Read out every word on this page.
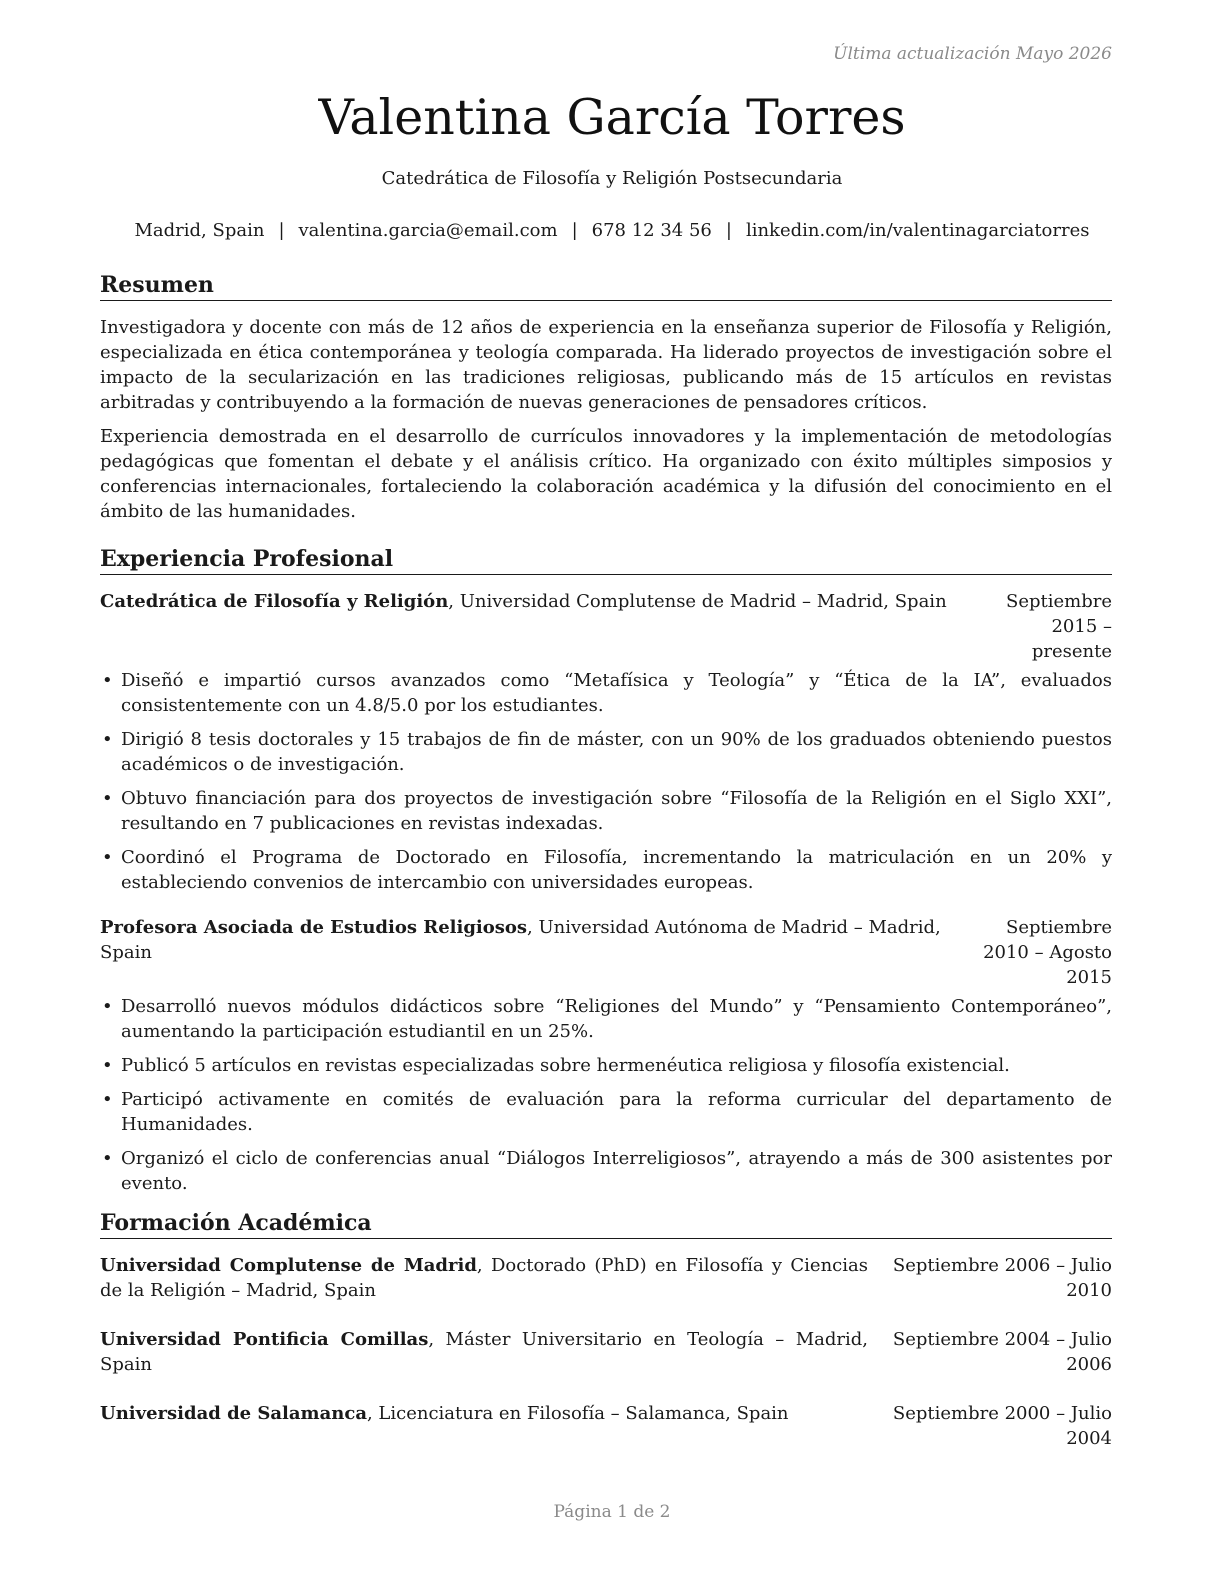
Última actualización Mayo 2026
Valentina García Torres
Catedrática de Filosofía y Religión Postsecundaria
Madrid, Spain | valentina.garcia@email.com | 678 12 34 56 | linkedin.com/in/valentinagarciatorres
Resumen

Investigadora y docente con más de 12 años de experiencia en la enseñanza superior de Filosofía y Religión, especializada en ética contemporánea y teología comparada. Ha liderado proyectos de investigación sobre el impacto de la secularización en las tradiciones religiosas, publicando más de 15 artículos en revistas arbitradas y contribuyendo a la formación de nuevas generaciones de pensadores críticos.

Experiencia demostrada en el desarrollo de currículos innovadores y la implementación de metodologías pedagógicas que fomentan el debate y el análisis crítico. Ha organizado con éxito múltiples simposios y conferencias internacionales, fortaleciendo la colaboración académica y la difusión del conocimiento en el ámbito de las humanidades.

Experiencia Profesional
Catedrática de Filosofía y Religión, Universidad Complutense de Madrid – Madrid, Spain	Septiembre 2015 – presente
• Diseñó e impartió cursos avanzados como “Metafísica y Teología” y “Ética de la IA”, evaluados consistentemente con un 4.8/5.0 por los estudiantes.
• Dirigió 8 tesis doctorales y 15 trabajos de fin de máster, con un 90% de los graduados obteniendo puestos académicos o de investigación.
• Obtuvo financiación para dos proyectos de investigación sobre “Filosofía de la Religión en el Siglo XXI”, resultando en 7 publicaciones en revistas indexadas.
• Coordinó el Programa de Doctorado en Filosofía, incrementando la matriculación en un 20% y estableciendo convenios de intercambio con universidades europeas.
Profesora Asociada de Estudios Religiosos, Universidad Autónoma de Madrid – Madrid, Spain
Septiembre 2010 – Agosto 2015
• Desarrolló nuevos módulos didácticos sobre “Religiones del Mundo” y “Pensamiento Contemporáneo”, aumentando la participación estudiantil en un 25%.
• Publicó 5 artículos en revistas especializadas sobre hermenéutica religiosa y filosofía existencial.
• Participó activamente en comités de evaluación para la reforma curricular del departamento de Humanidades.
• Organizó el ciclo de conferencias anual “Diálogos Interreligiosos”, atrayendo a más de 300 asistentes por evento.
Formación Académica
Universidad Complutense de Madrid, Doctorado (PhD) en Filosofía y Ciencias de la Religión – Madrid, Spain
Septiembre 2006 – Julio 2010
Universidad Pontificia Comillas, Máster Universitario en Teología – Madrid, Spain
Septiembre 2004 – Julio 2006
Universidad de Salamanca, Licenciatura en Filosofía – Salamanca, Spain	Septiembre 2000 – Julio 2004
Página 1 de 2
